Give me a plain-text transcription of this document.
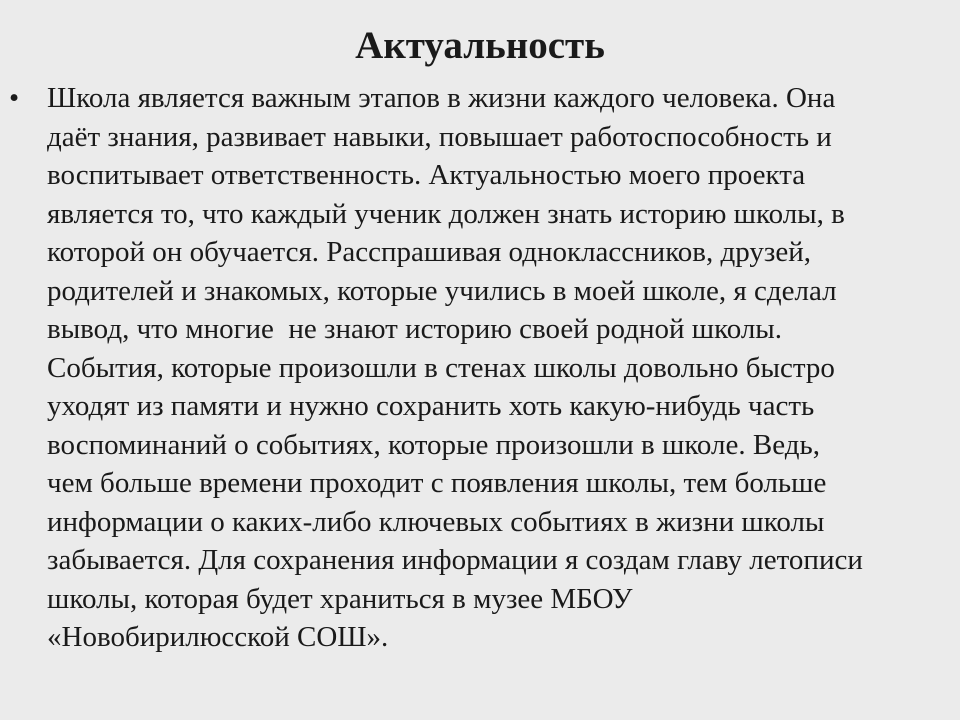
Актуальность
• Школа является важным этапов в жизни каждого человека. Она
даёт знания, развивает навыки, повышает работоспособность и
воспитывает ответственность. Актуальностью моего проекта
является то, что каждый ученик должен знать историю школы, в
которой он обучается. Расспрашивая одноклассников, друзей,
родителей и знакомых, которые учились в моей школе, я сделал
вывод, что многие  не знают историю своей родной школы.
События, которые произошли в стенах школы довольно быстро
уходят из памяти и нужно сохранить хоть какую-нибудь часть
воспоминаний о событиях, которые произошли в школе. Ведь,
чем больше времени проходит с появления школы, тем больше
информации о каких-либо ключевых событиях в жизни школы
забывается. Для сохранения информации я создам главу летописи
школы, которая будет храниться в музее МБОУ
«Новобирилюсской СОШ».
